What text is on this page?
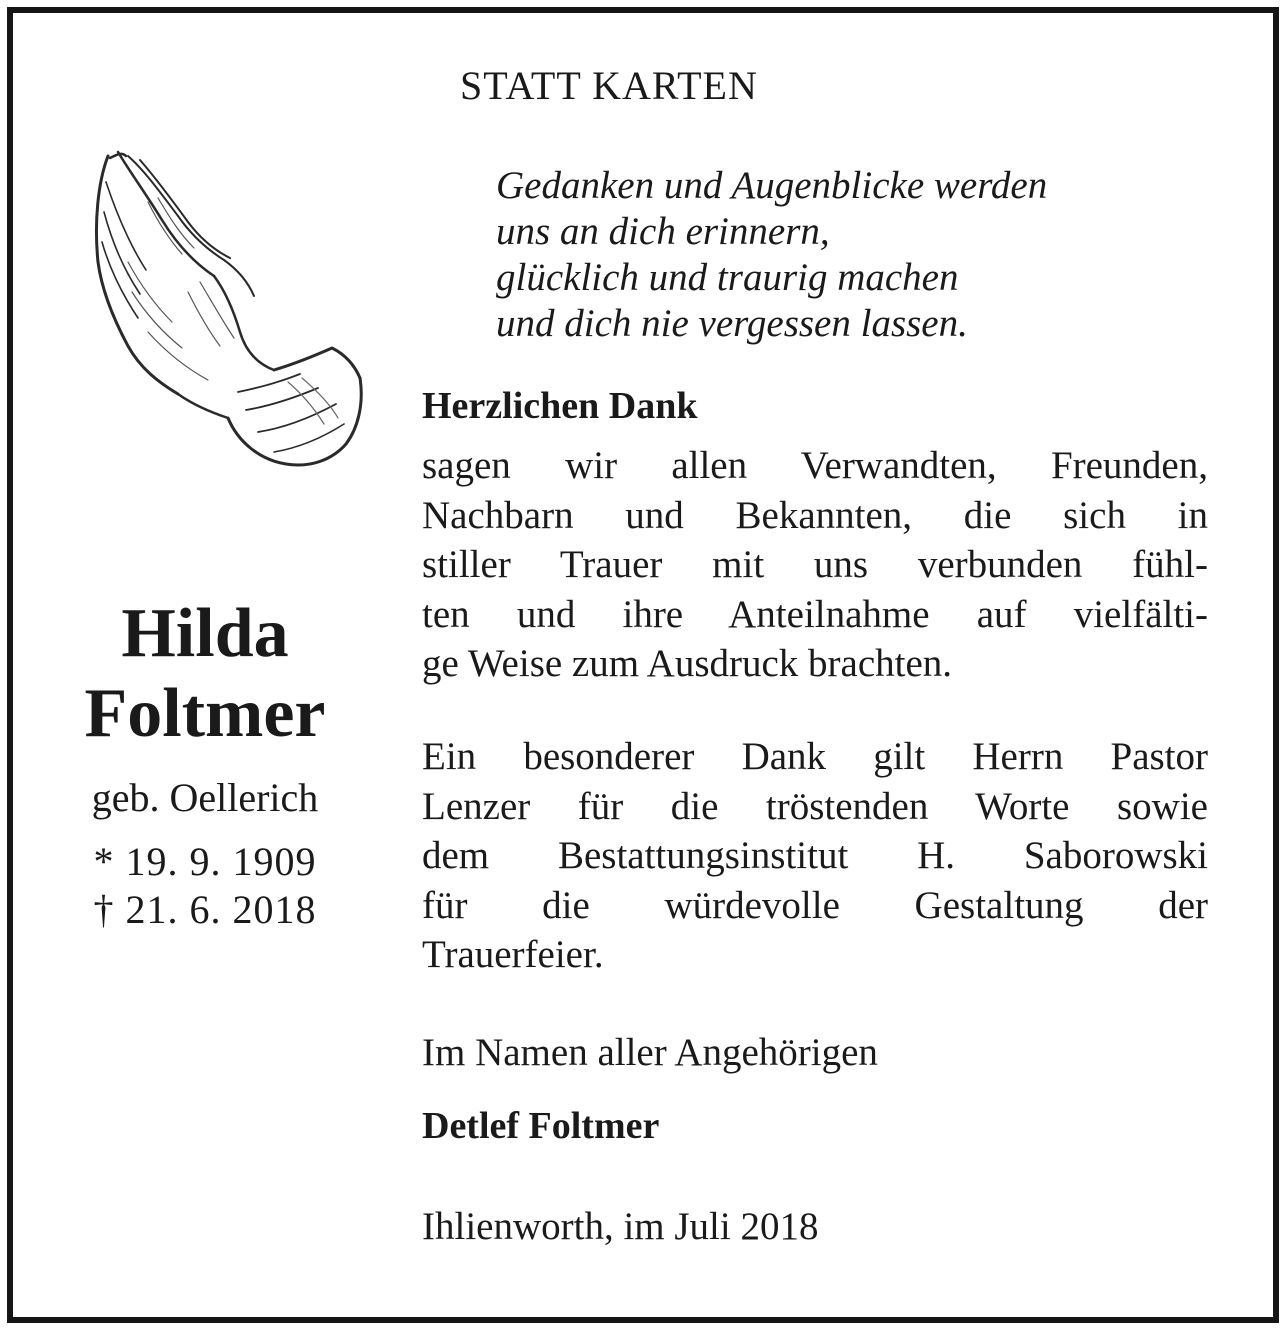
STATT KARTEN
Gedanken und Augenblicke werden
uns an dich erinnern,
glücklich und traurig machen
und dich nie vergessen lassen.
Hilda
Foltmer
geb. Oellerich
* 19. 9. 1909
† 21. 6. 2018
Herzlichen Dank
sagen wir allen Verwandten, Freunden,
Nachbarn und Bekannten, die sich in
stiller Trauer mit uns verbunden fühl-
ten und ihre Anteilnahme auf vielfälti-
ge Weise zum Ausdruck brachten.
Ein besonderer Dank gilt Herrn Pastor
Lenzer für die tröstenden Worte sowie
dem Bestattungsinstitut H. Saborowski
für die würdevolle Gestaltung der
Trauerfeier.
Im Namen aller Angehörigen
Detlef Foltmer
Ihlienworth, im Juli 2018
